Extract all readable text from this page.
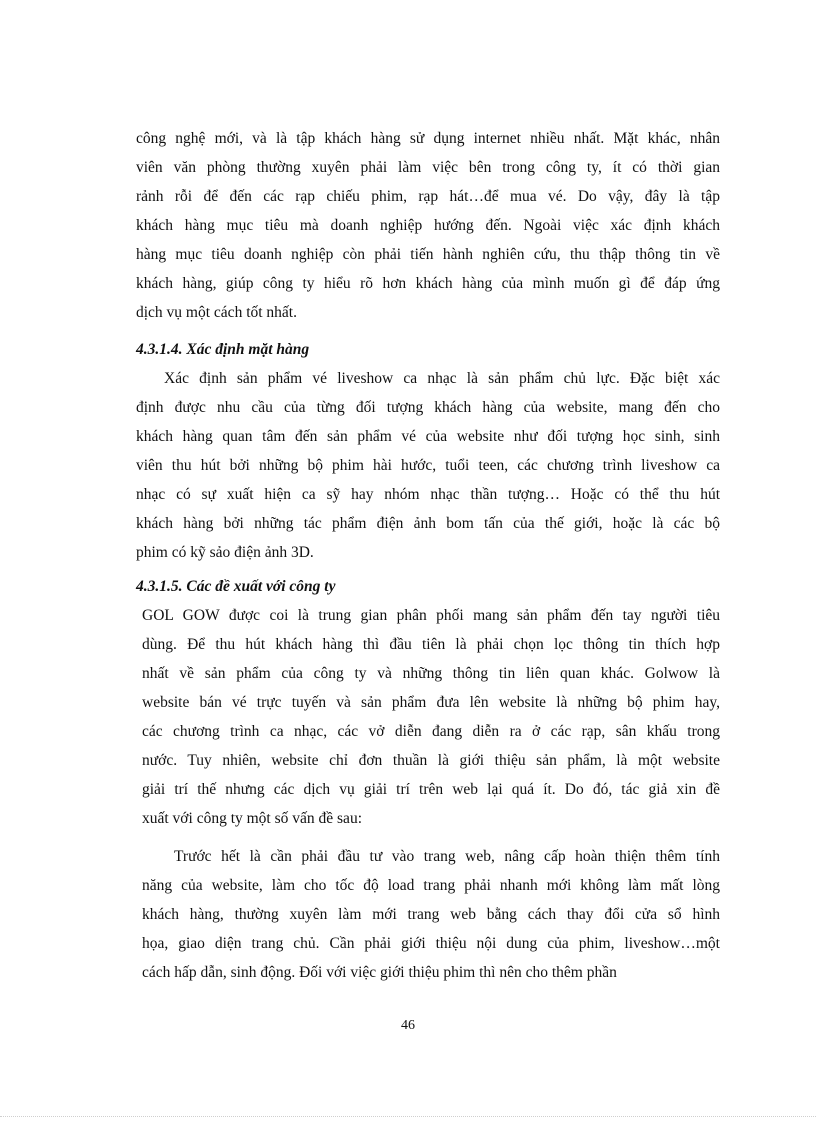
công nghệ mới, và là tập khách hàng sử dụng internet nhiều nhất. Mặt khác, nhân
viên văn phòng thường xuyên phải làm việc bên trong công ty, ít có thời gian
rảnh rỗi để đến các rạp chiếu phim, rạp hát…để mua vé. Do vậy, đây là tập
khách hàng mục tiêu mà doanh nghiệp hướng đến. Ngoài việc xác định khách
hàng mục tiêu doanh nghiệp còn phải tiến hành nghiên cứu, thu thập thông tin về
khách hàng, giúp công ty hiểu rõ hơn khách hàng của mình muốn gì để đáp ứng
dịch vụ một cách tốt nhất.
4.3.1.4. Xác định mặt hàng
Xác định sản phẩm vé liveshow ca nhạc là sản phẩm chủ lực. Đặc biệt xác
định được nhu cầu của từng đối tượng khách hàng của website, mang đến cho
khách hàng quan tâm đến sản phẩm vé của website như đối tượng học sinh, sinh
viên thu hút bởi những bộ phim hài hước, tuổi teen, các chương trình liveshow ca
nhạc có sự xuất hiện ca sỹ hay nhóm nhạc thần tượng… Hoặc có thể thu hút
khách hàng bởi những tác phẩm điện ảnh bom tấn của thế giới, hoặc là các bộ
phim có kỹ sảo điện ảnh 3D.
4.3.1.5. Các đề xuất với công ty
GOL GOW được coi là trung gian phân phối mang sản phẩm đến tay người tiêu
dùng. Để thu hút khách hàng thì đầu tiên là phải chọn lọc thông tin thích hợp
nhất về sản phẩm của công ty và những thông tin liên quan khác. Golwow là
website bán vé trực tuyến và sản phẩm đưa lên website là những bộ phim hay,
các chương trình ca nhạc, các vở diễn đang diễn ra ở các rạp, sân khấu trong
nước. Tuy nhiên, website chỉ đơn thuần là giới thiệu sản phẩm, là một website
giải trí thế nhưng các dịch vụ giải trí trên web lại quá ít. Do đó, tác giả xin đề
xuất với công ty một số vấn đề sau:
Trước hết là cần phải đầu tư vào trang web, nâng cấp hoàn thiện thêm tính
năng của website, làm cho tốc độ load trang phải nhanh mới không làm mất lòng
khách hàng, thường xuyên làm mới trang web bằng cách thay đổi cửa sổ hình
họa, giao diện trang chủ. Cần phải giới thiệu nội dung của phim, liveshow…một
cách hấp dẫn, sinh động. Đối với việc giới thiệu phim thì nên cho thêm phần
46
